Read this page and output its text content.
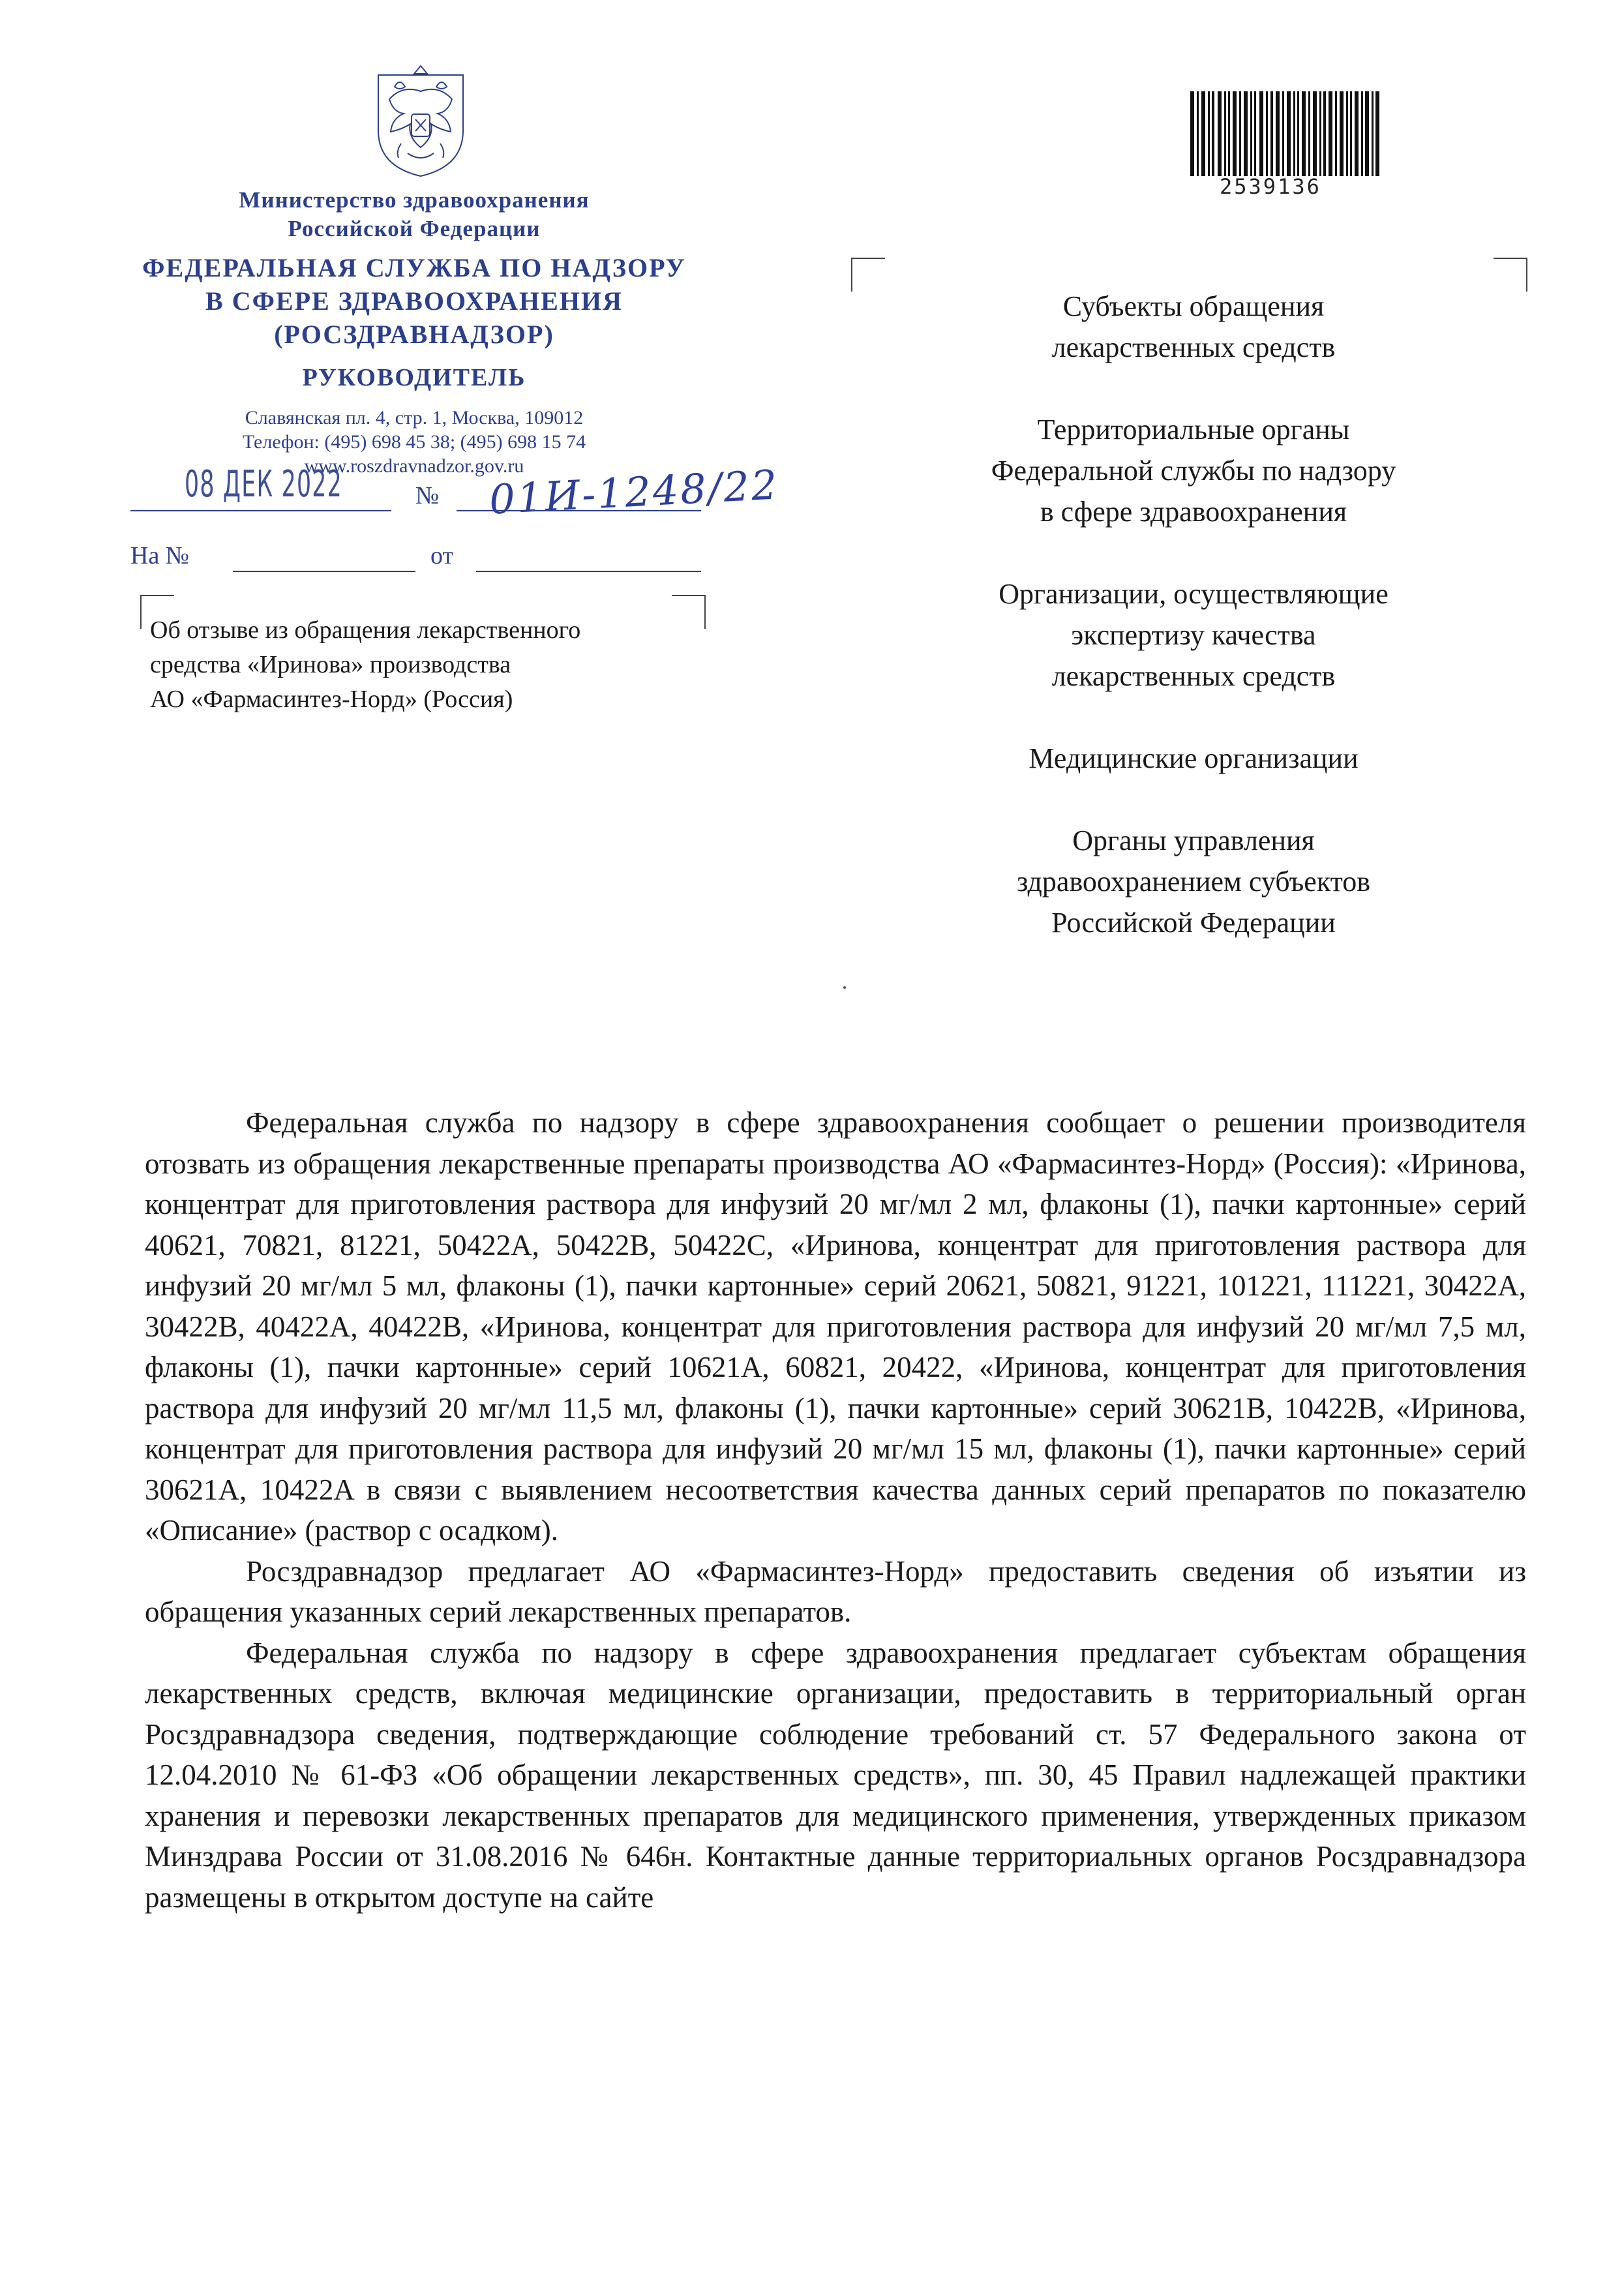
Министерство здравоохранения
Российской Федерации
ФЕДЕРАЛЬНАЯ СЛУЖБА ПО НАДЗОРУ
В СФЕРЕ ЗДРАВООХРАНЕНИЯ
(РОСЗДРАВНАДЗОР)
РУКОВОДИТЕЛЬ
Славянская пл. 4, стр. 1, Москва, 109012
Телефон: (495) 698 45 38; (495) 698 15 74
www.roszdravnadzor.gov.ru
08 ДЕК 2022	№ 01И-1248/22
На №	от
Об отзыве из обращения лекарственного
средства «Иринова» производства
АО «Фармасинтез-Норд» (Россия)
2539136
Субъекты обращения
лекарственных средств
Территориальные органы
Федеральной службы по надзору
в сфере здравоохранения
Организации, осуществляющие
экспертизу качества
лекарственных средств
Медицинские организации
Органы управления
здравоохранением субъектов
Российской Федерации

Федеральная служба по надзору в сфере здравоохранения сообщает о решении производителя отозвать из обращения лекарственные препараты производства АО «Фармасинтез-Норд» (Россия): «Иринова, концентрат для приготовления раствора для инфузий 20 мг/мл 2 мл, флаконы (1), пачки картонные» серий 40621, 70821, 81221, 50422A, 50422B, 50422C, «Иринова, концентрат для приготовления раствора для инфузий 20 мг/мл 5 мл, флаконы (1), пачки картонные» серий 20621, 50821, 91221, 101221, 111221, 30422A, 30422B, 40422A, 40422B, «Иринова, концентрат для приготовления раствора для инфузий 20 мг/мл 7,5 мл, флаконы (1), пачки картонные» серий 10621A, 60821, 20422, «Иринова, концентрат для приготовления раствора для инфузий 20 мг/мл 11,5 мл, флаконы (1), пачки картонные» серий 30621B, 10422B, «Иринова, концентрат для приготовления раствора для инфузий 20 мг/мл 15 мл, флаконы (1), пачки картонные» серий 30621A, 10422A в связи с выявлением несоответствия качества данных серий препаратов по показателю «Описание» (раствор с осадком).

Росздравнадзор предлагает АО «Фармасинтез-Норд» предоставить сведения об изъятии из обращения указанных серий лекарственных препаратов.

Федеральная служба по надзору в сфере здравоохранения предлагает субъектам обращения лекарственных средств, включая медицинские организации, предоставить в территориальный орган Росздравнадзора сведения, подтверждающие соблюдение требований ст. 57 Федерального закона от 12.04.2010 № 61-ФЗ «Об обращении лекарственных средств», пп. 30, 45 Правил надлежащей практики хранения и перевозки лекарственных препаратов для медицинского применения, утвержденных приказом Минздрава России от 31.08.2016 № 646н. Контактные данные территориальных органов Росздравнадзора размещены в открытом доступе на сайте
